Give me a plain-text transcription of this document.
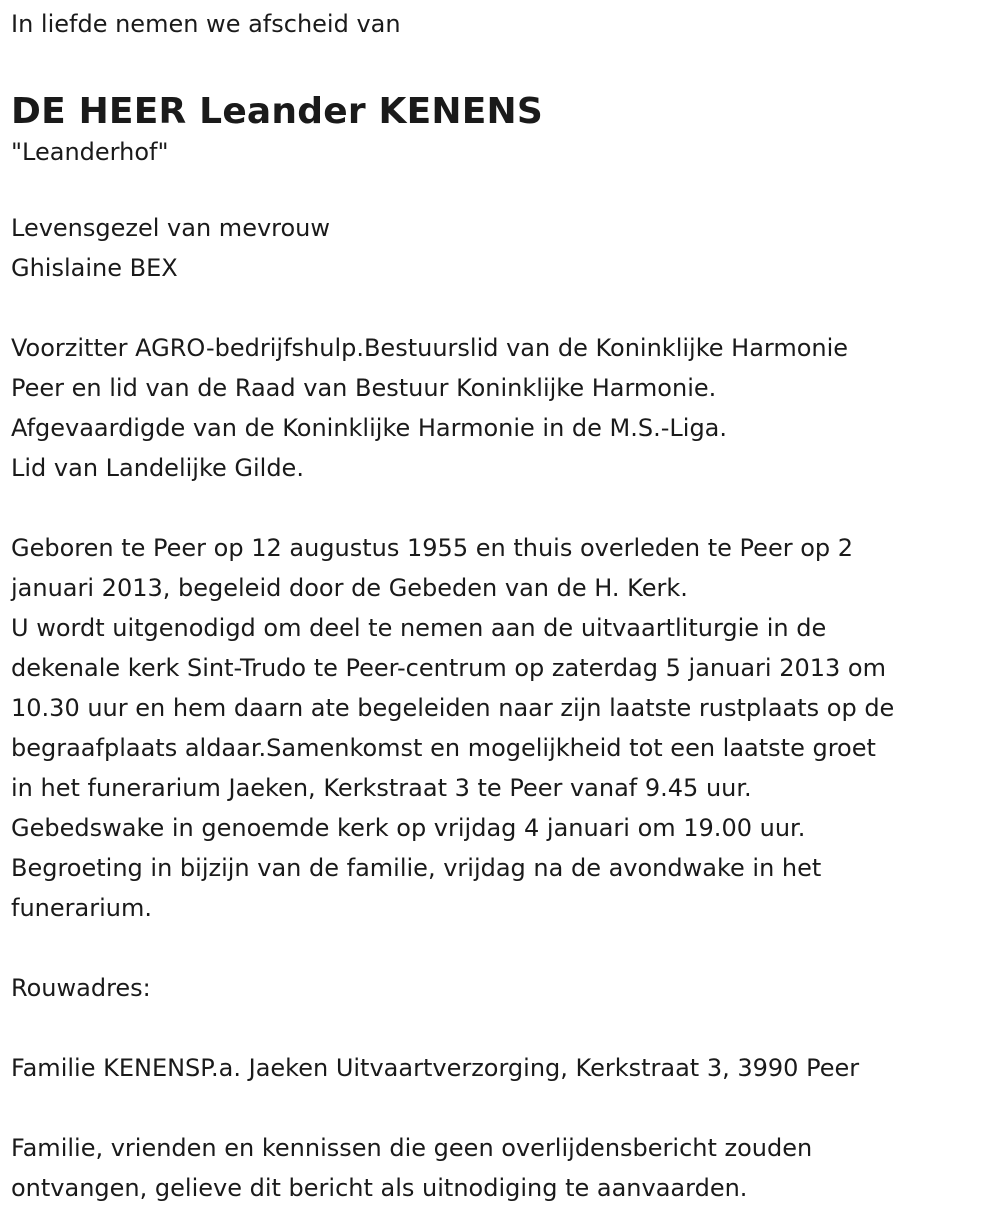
In liefde nemen we afscheid van

DE HEER Leander KENENS

"Leanderhof"

Levensgezel van mevrouw

Ghislaine BEX

Voorzitter AGRO-bedrijfshulp.Bestuurslid van de Koninklijke Harmonie

Peer en lid van de Raad van Bestuur Koninklijke Harmonie.

Afgevaardigde van de Koninklijke Harmonie in de M.S.-Liga.

Lid van Landelijke Gilde.

Geboren te Peer op 12 augustus 1955 en thuis overleden te Peer op 2

januari 2013, begeleid door de Gebeden van de H. Kerk.

U wordt uitgenodigd om deel te nemen aan de uitvaartliturgie in de

dekenale kerk Sint-Trudo te Peer-centrum op zaterdag 5 januari 2013 om

10.30 uur en hem daarn ate begeleiden naar zijn laatste rustplaats op de

begraafplaats aldaar.Samenkomst en mogelijkheid tot een laatste groet

in het funerarium Jaeken, Kerkstraat 3 te Peer vanaf 9.45 uur.

Gebedswake in genoemde kerk op vrijdag 4 januari om 19.00 uur.

Begroeting in bijzijn van de familie, vrijdag na de avondwake in het

funerarium.

Rouwadres:

Familie KENENSP.a. Jaeken Uitvaartverzorging, Kerkstraat 3, 3990 Peer

Familie, vrienden en kennissen die geen overlijdensbericht zouden

ontvangen, gelieve dit bericht als uitnodiging te aanvaarden.
